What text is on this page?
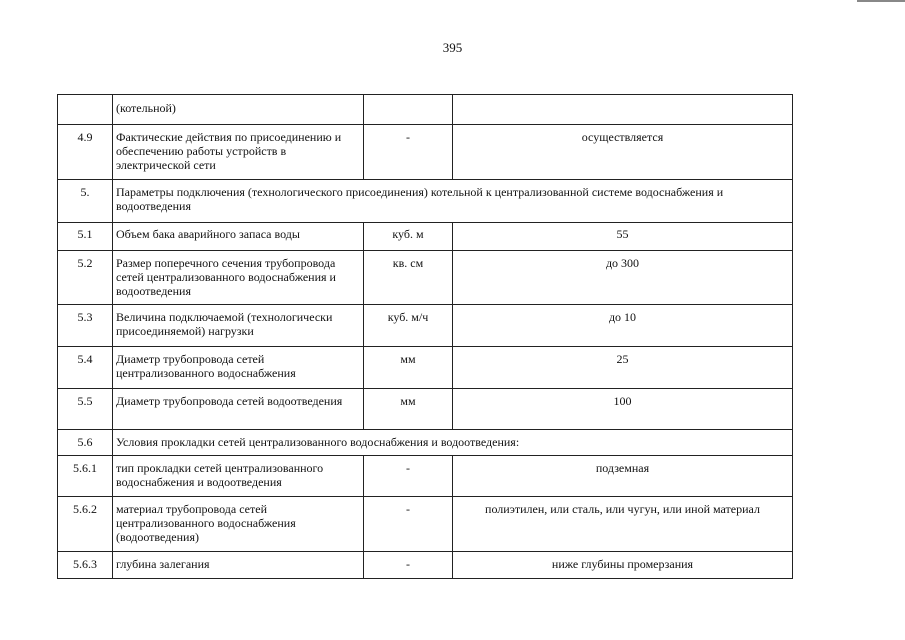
395
	(котельной)		
4.9	Фактические действия по присоединению и обеспечению работы устройств в электрической сети	-	осуществляется
5.	Параметры подключения (технологического присоединения) котельной к централизованной системе водоснабжения и водоотведения		
5.1	Объем бака аварийного запаса воды	куб. м	55
5.2	Размер поперечного сечения трубопровода сетей централизованного водоснабжения и водоотведения	кв. см	до 300
5.3	Величина подключаемой (технологически присоединяемой) нагрузки	куб. м/ч	до 10
5.4	Диаметр трубопровода сетей централизованного водоснабжения	мм	25
5.5	Диаметр трубопровода сетей водоотведения	мм	100
5.6	Условия прокладки сетей централизованного водоснабжения и водоотведения:		
5.6.1	тип прокладки сетей централизованного водоснабжения и водоотведения	-	подземная
5.6.2	материал трубопровода сетей централизованного водоснабжения (водоотведения)	-	полиэтилен, или сталь, или чугун, или иной материал
5.6.3	глубина залегания	-	ниже глубины промерзания
